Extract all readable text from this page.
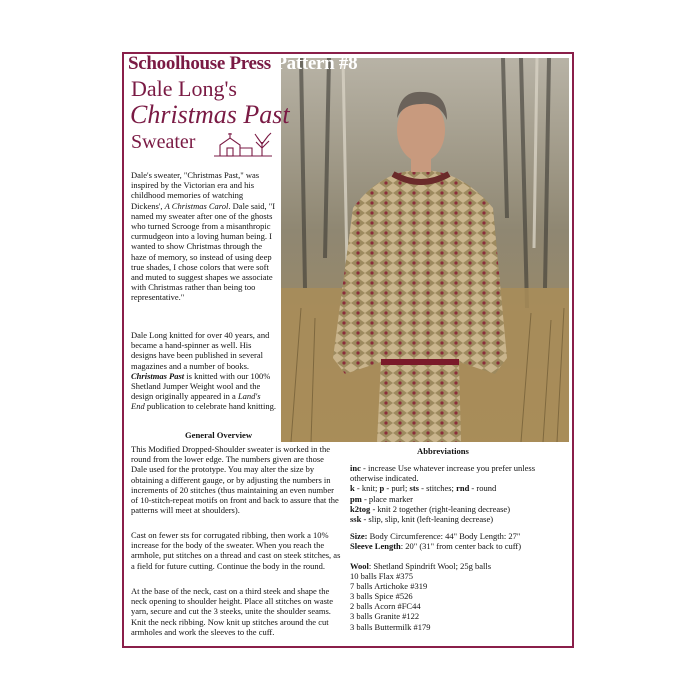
Schoolhouse Press Pattern #8
Dale Long's
Christmas Past
Sweater

Dale's sweater, "Christmas Past," was inspired by the Victorian era and his childhood memories of watching Dickens', A Christmas Carol. Dale said, "I named my sweater after one of the ghosts who turned Scrooge from a misanthropic curmudgeon into a loving human being. I wanted to show Christmas through the haze of memory, so instead of using deep true shades, I chose colors that were soft and muted to suggest shapes we associate with Christmas rather than being too representative."

Dale Long knitted for over 40 years, and became a hand-spinner as well. His designs have been published in several magazines and a number of books. Christmas Past is knitted with our 100% Shetland Jumper Weight wool and the design originally appeared in a Land's End publication to celebrate hand knitting.

General Overview

This Modified Dropped-Shoulder sweater is worked in the round from the lower edge. The numbers given are those Dale used for the prototype. You may alter the size by obtaining a different gauge, or by adjusting the numbers in increments of 20 stitches (thus maintaining an even number of 10-stitch-repeat motifs on front and back to assure that the patterns will meet at shoulders).

Cast on fewer sts for corrugated ribbing, then work a 10% increase for the body of the sweater. When you reach the armhole, put stitches on a thread and cast on steek stitches, as a field for future cutting. Continue the body in the round.

At the base of the neck, cast on a third steek and shape the neck opening to shoulder height. Place all stitches on waste yarn, secure and cut the 3 steeks, unite the shoulder seams. Knit the neck ribbing. Now knit up stitches around the cut armholes and work the sleeves to the cuff.

Abbreviations
inc - increase Use whatever increase you prefer unless otherwise indicated.
k - knit; p - purl; sts - stitches; rnd - round
pm - place marker
k2tog - knit 2 together (right-leaning decrease)
ssk - slip, slip, knit (left-leaning decrease)
Size: Body Circumference: 44" Body Length: 27"
Sleeve Length: 20" (31" from center back to cuff)
Wool: Shetland Spindrift Wool; 25g balls
10 balls Flax #375
7 balls Artichoke #319
3 balls Spice #526
2 balls Acorn #FC44
3 balls Granite #122
3 balls Buttermilk #179
